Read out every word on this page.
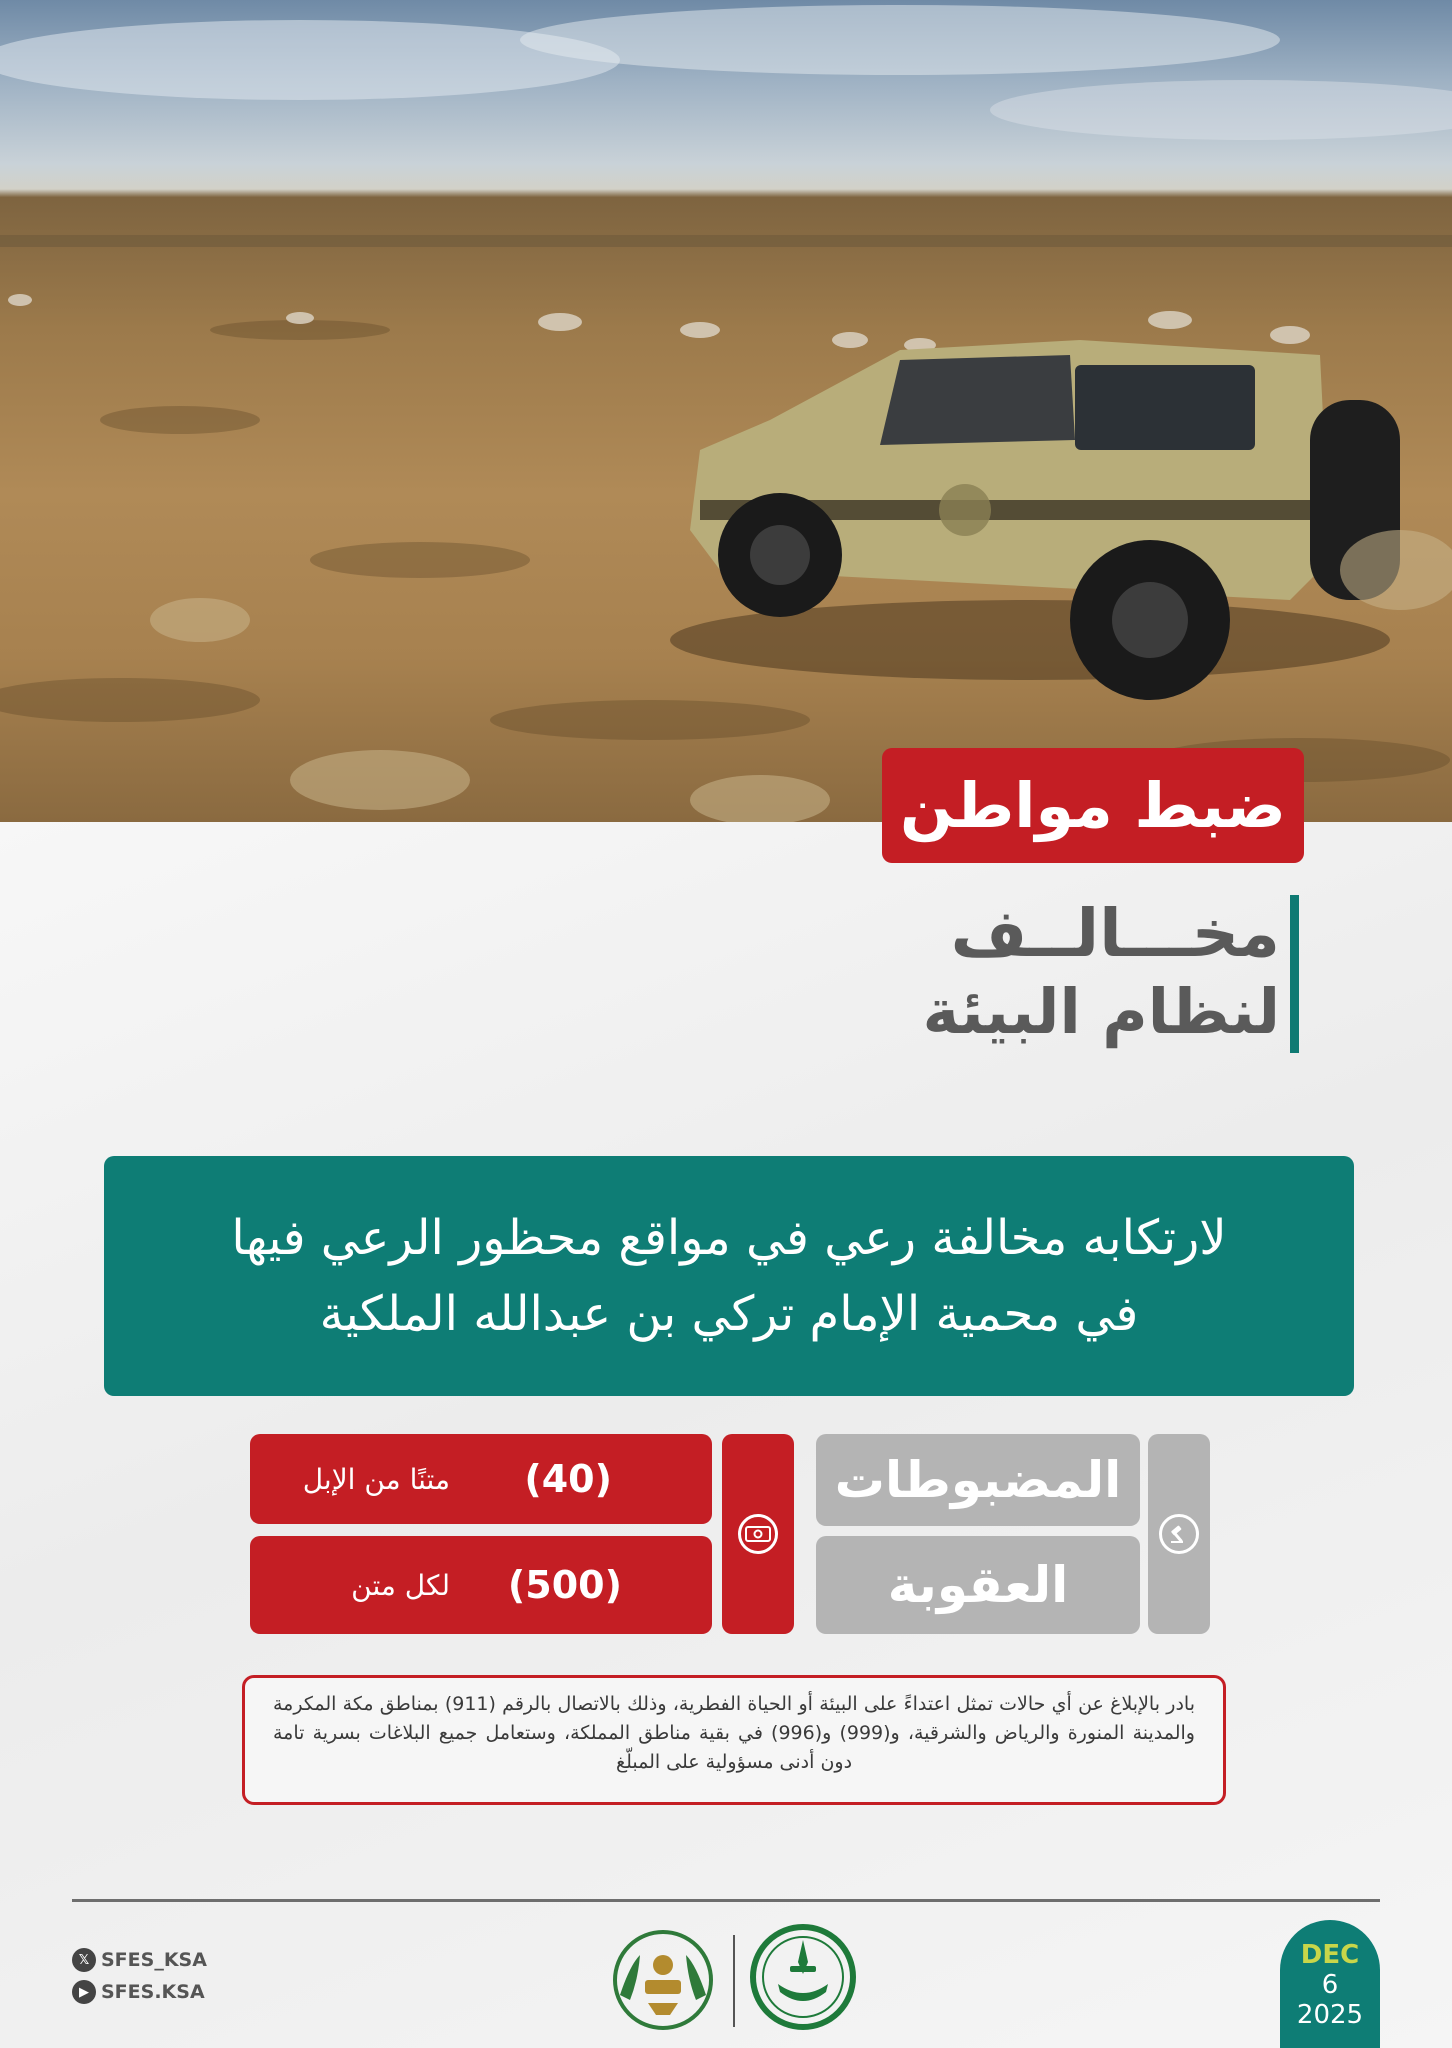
ضبط مواطن
مخـــالــف
لنظام البيئة
لارتكابه مخالفة رعي في مواقع محظور الرعي فيها
في محمية الإمام تركي بن عبدالله الملكية
المضبوطات
العقوبة
(40)
متنًا من الإبل
(500)
لكل متن
بادر بالإبلاغ عن أي حالات تمثل اعتداءً على البيئة أو الحياة الفطرية، وذلك بالاتصال بالرقم (911) بمناطق مكة المكرمة والمدينة المنورة والرياض والشرقية، و(999) و(996) في بقية مناطق المملكة، وستعامل جميع البلاغات بسرية تامة دون أدنى مسؤولية على المبلّغ
𝕏 SFES_KSA
▶ SFES.KSA
DEC
6
2025
